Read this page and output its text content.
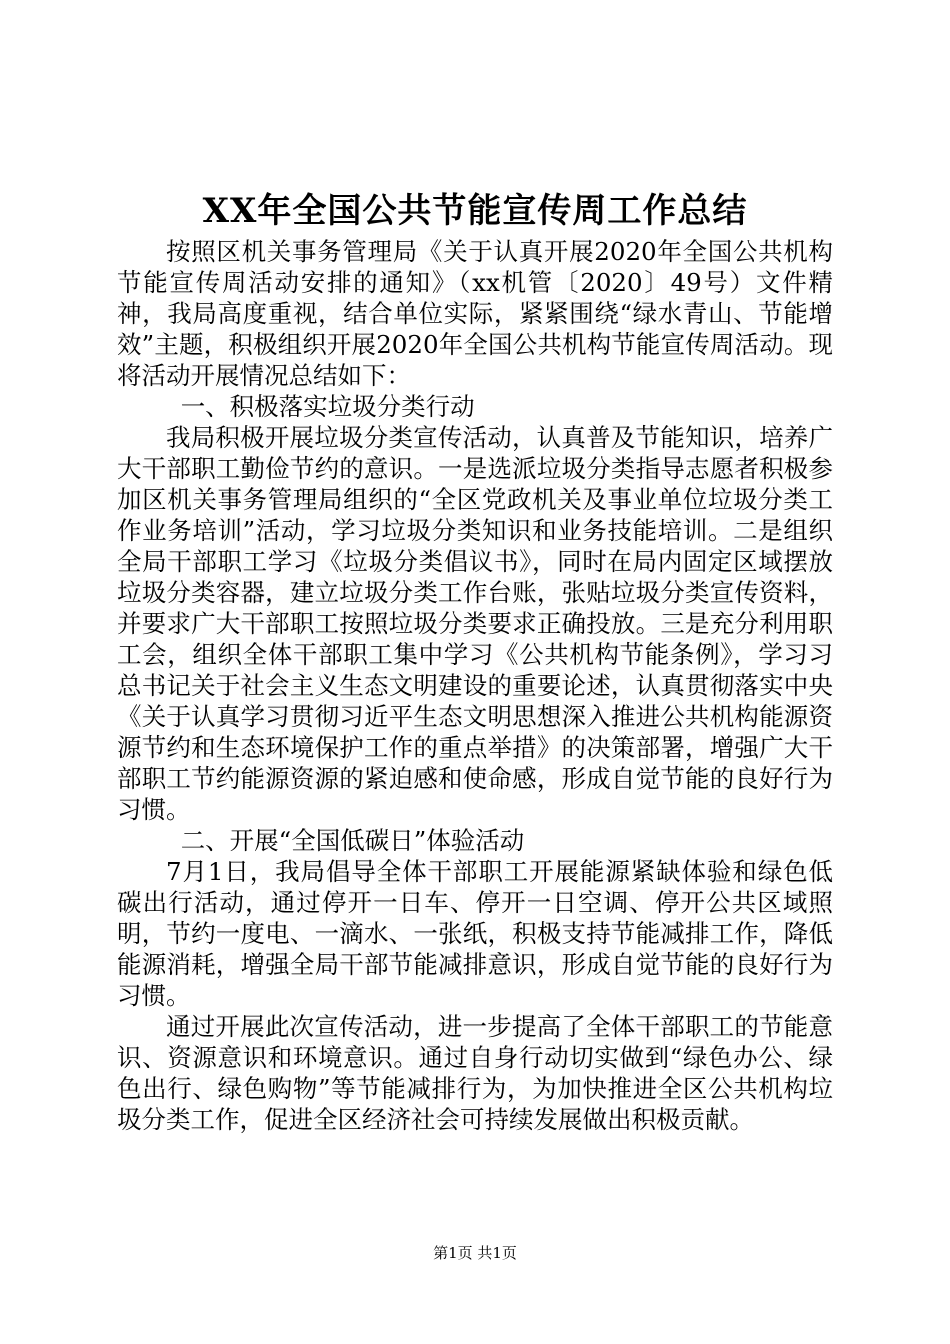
XX年全国公共节能宣传周工作总结

按照区机关事务管理局《关于认真开展2020年全国公共机构节能宣传周活动安排的通知》（xx机管〔2020〕49号）文件精神，我局高度重视，结合单位实际，紧紧围绕“绿水青山、节能增效”主题，积极组织开展2020年全国公共机构节能宣传周活动。现将活动开展情况总结如下：

一、积极落实垃圾分类行动

我局积极开展垃圾分类宣传活动，认真普及节能知识，培养广大干部职工勤俭节约的意识。一是选派垃圾分类指导志愿者积极参加区机关事务管理局组织的“全区党政机关及事业单位垃圾分类工作业务培训”活动，学习垃圾分类知识和业务技能培训。二是组织全局干部职工学习《垃圾分类倡议书》，同时在局内固定区域摆放垃圾分类容器，建立垃圾分类工作台账，张贴垃圾分类宣传资料，并要求广大干部职工按照垃圾分类要求正确投放。三是充分利用职工会，组织全体干部职工集中学习《公共机构节能条例》，学习习总书记关于社会主义生态文明建设的重要论述，认真贯彻落实中央《关于认真学习贯彻习近平生态文明思想深入推进公共机构能源资源节约和生态环境保护工作的重点举措》的决策部署，增强广大干部职工节约能源资源的紧迫感和使命感，形成自觉节能的良好行为习惯。

二、开展“全国低碳日”体验活动

7月1日，我局倡导全体干部职工开展能源紧缺体验和绿色低碳出行活动，通过停开一日车、停开一日空调、停开公共区域照明，节约一度电、一滴水、一张纸，积极支持节能减排工作，降低能源消耗，增强全局干部节能减排意识，形成自觉节能的良好行为习惯。

通过开展此次宣传活动，进一步提高了全体干部职工的节能意识、资源意识和环境意识。通过自身行动切实做到“绿色办公、绿色出行、绿色购物”等节能减排行为，为加快推进全区公共机构垃圾分类工作，促进全区经济社会可持续发展做出积极贡献。

第1页 共1页
